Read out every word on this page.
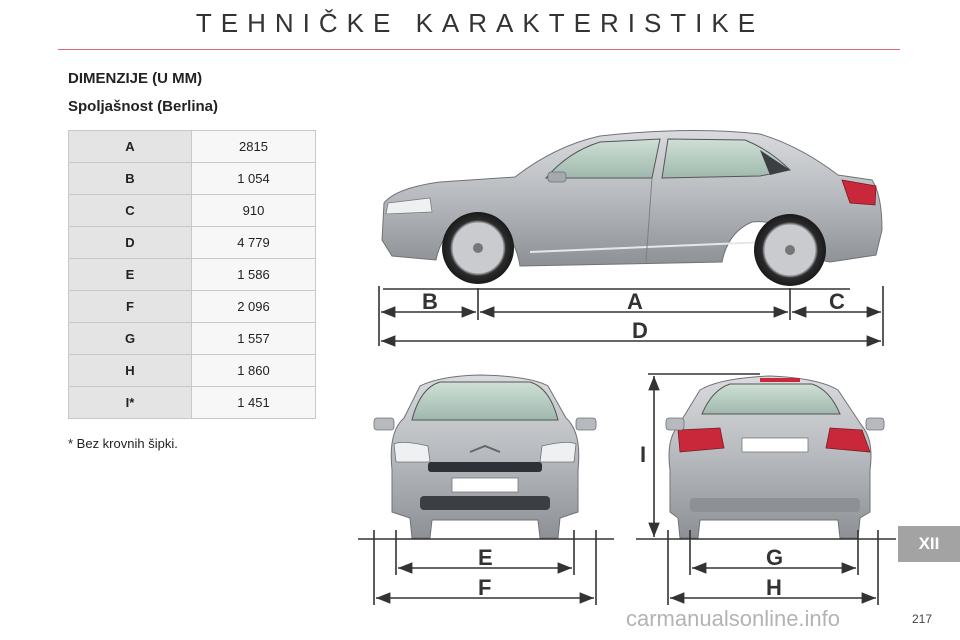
TEHNIČKE KARAKTERISTIKE
DIMENZIJE (U MM)
Spoljašnost (Berlina)
A	2815
B	1 054
C	910
D	4 779
E	1 586
F	2 096
G	1 557
H	1 860
I*	1 451
* Bez krovnih šipki.
B	A	C
D
E
F
I
G
H
XII
carmanualsonline.info	217
